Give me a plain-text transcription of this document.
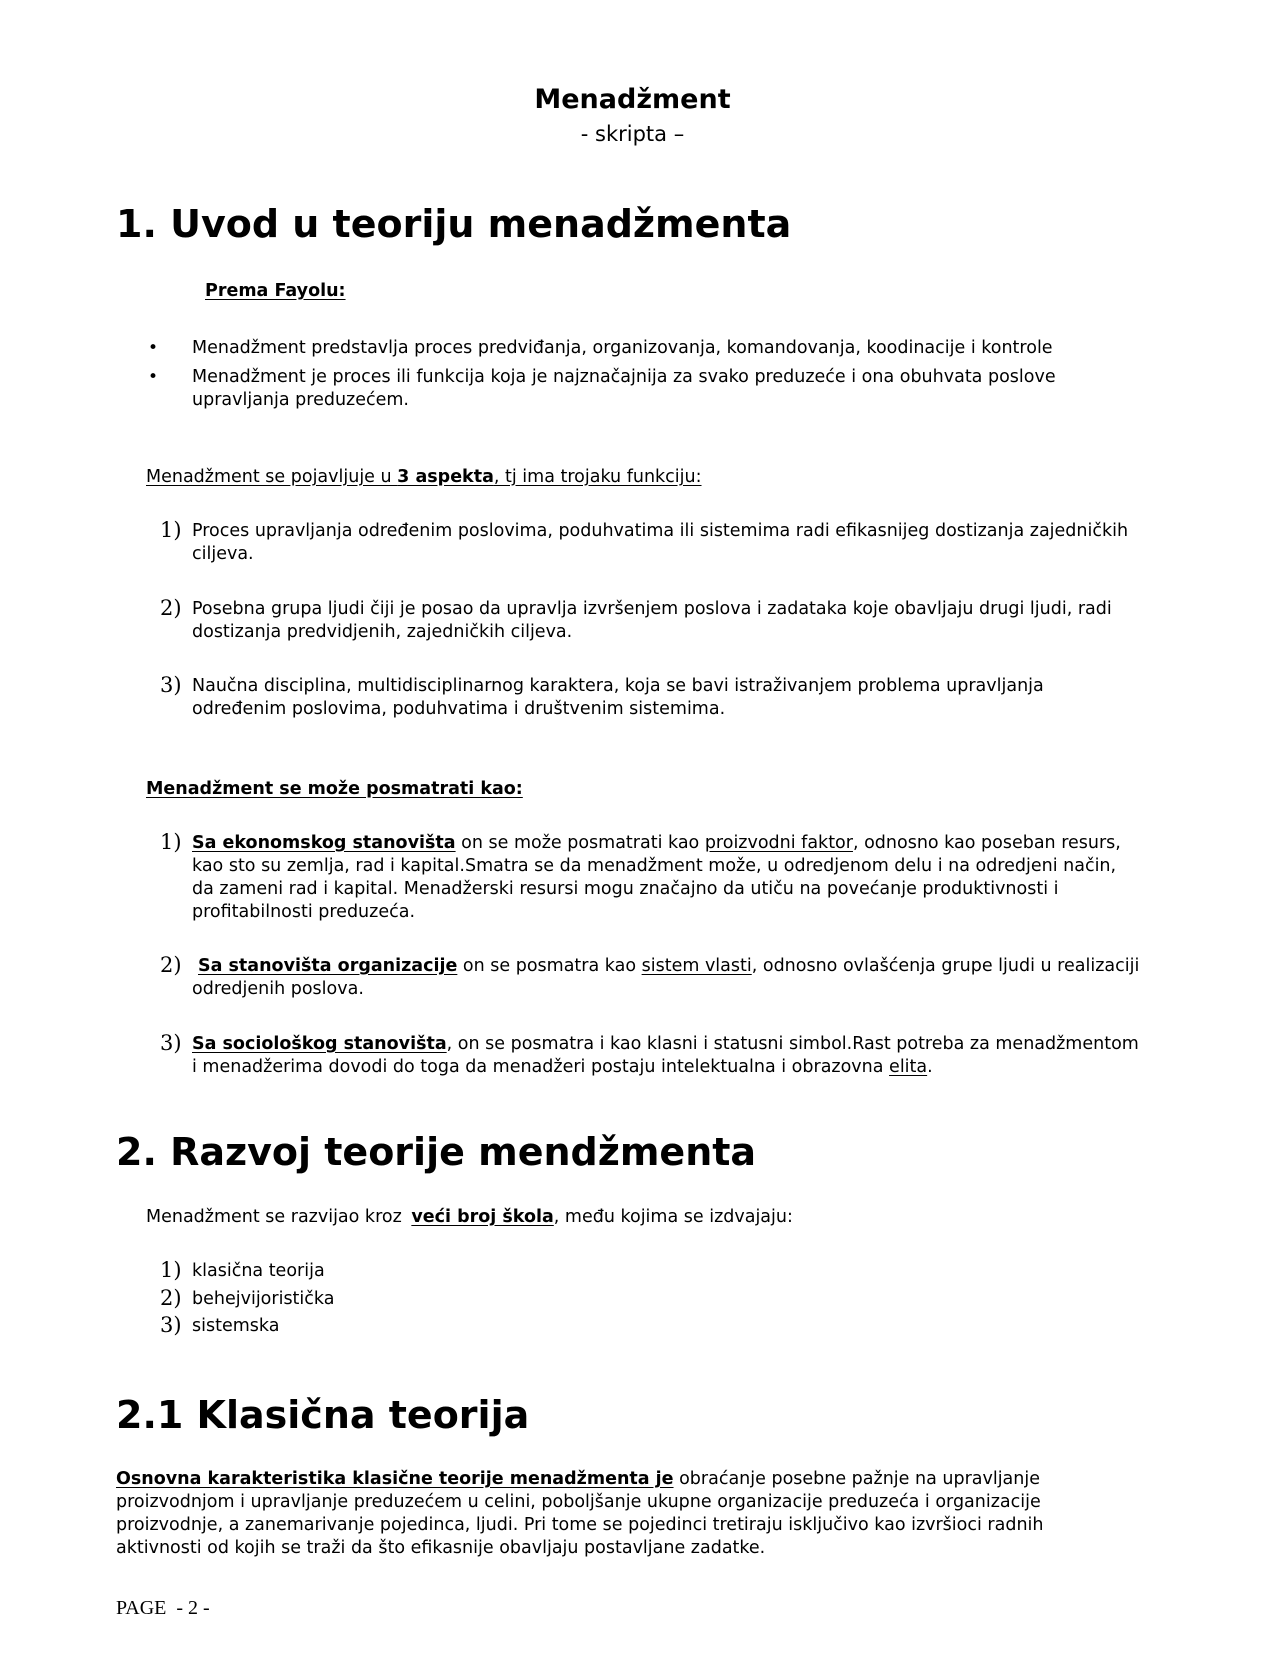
Menadžment
- skripta –
1. Uvod u teoriju menadžmenta
Prema Fayolu:
• Menadžment predstavlja proces predviđanja, organizovanja, komandovanja, koodinacije i kontrole
• Menadžment je proces ili funkcija koja je najznačajnija za svako preduzeće i ona obuhvata poslove upravljanja preduzećem.
Menadžment se pojavljuje u 3 aspekta, tj ima trojaku funkciju:
1) Proces upravljanja određenim poslovima, poduhvatima ili sistemima radi efikasnijeg dostizanja zajedničkih ciljeva.
2) Posebna grupa ljudi čiji je posao da upravlja izvršenjem poslova i zadataka koje obavljaju drugi ljudi, radi dostizanja predvidjenih, zajedničkih ciljeva.
3) Naučna disciplina, multidisciplinarnog karaktera, koja se bavi istraživanjem problema upravljanja određenim poslovima, poduhvatima i društvenim sistemima.
Menadžment se može posmatrati kao:
1) Sa ekonomskog stanovišta on se može posmatrati kao proizvodni faktor, odnosno kao poseban resurs, kao sto su zemlja, rad i kapital.Smatra se da menadžment može, u odredjenom delu i na odredjeni način, da zameni rad i kapital. Menadžerski resursi mogu značajno da utiču na povećanje produktivnosti i profitabilnosti preduzeća.
2) Sa stanovišta organizacije on se posmatra kao sistem vlasti, odnosno ovlašćenja grupe ljudi u realizaciji odredjenih poslova.
3) Sa sociološkog stanovišta, on se posmatra i kao klasni i statusni simbol.Rast potreba za menadžmentom i menadžerima dovodi do toga da menadžeri postaju intelektualna i obrazovna elita.
2. Razvoj teorije mendžmenta
Menadžment se razvijao kroz veći broj škola, među kojima se izdvajaju:
1) klasična teorija
2) behejvijoristička
3) sistemska
2.1 Klasična teorija
Osnovna karakteristika klasične teorije menadžmenta je obraćanje posebne pažnje na upravljanje proizvodnjom i upravljanje preduzećem u celini, poboljšanje ukupne organizacije preduzeća i organizacije proizvodnje, a zanemarivanje pojedinca, ljudi. Pri tome se pojedinci tretiraju isključivo kao izvršioci radnih aktivnosti od kojih se traži da što efikasnije obavljaju postavljane zadatke.
PAGE  - 2 -
